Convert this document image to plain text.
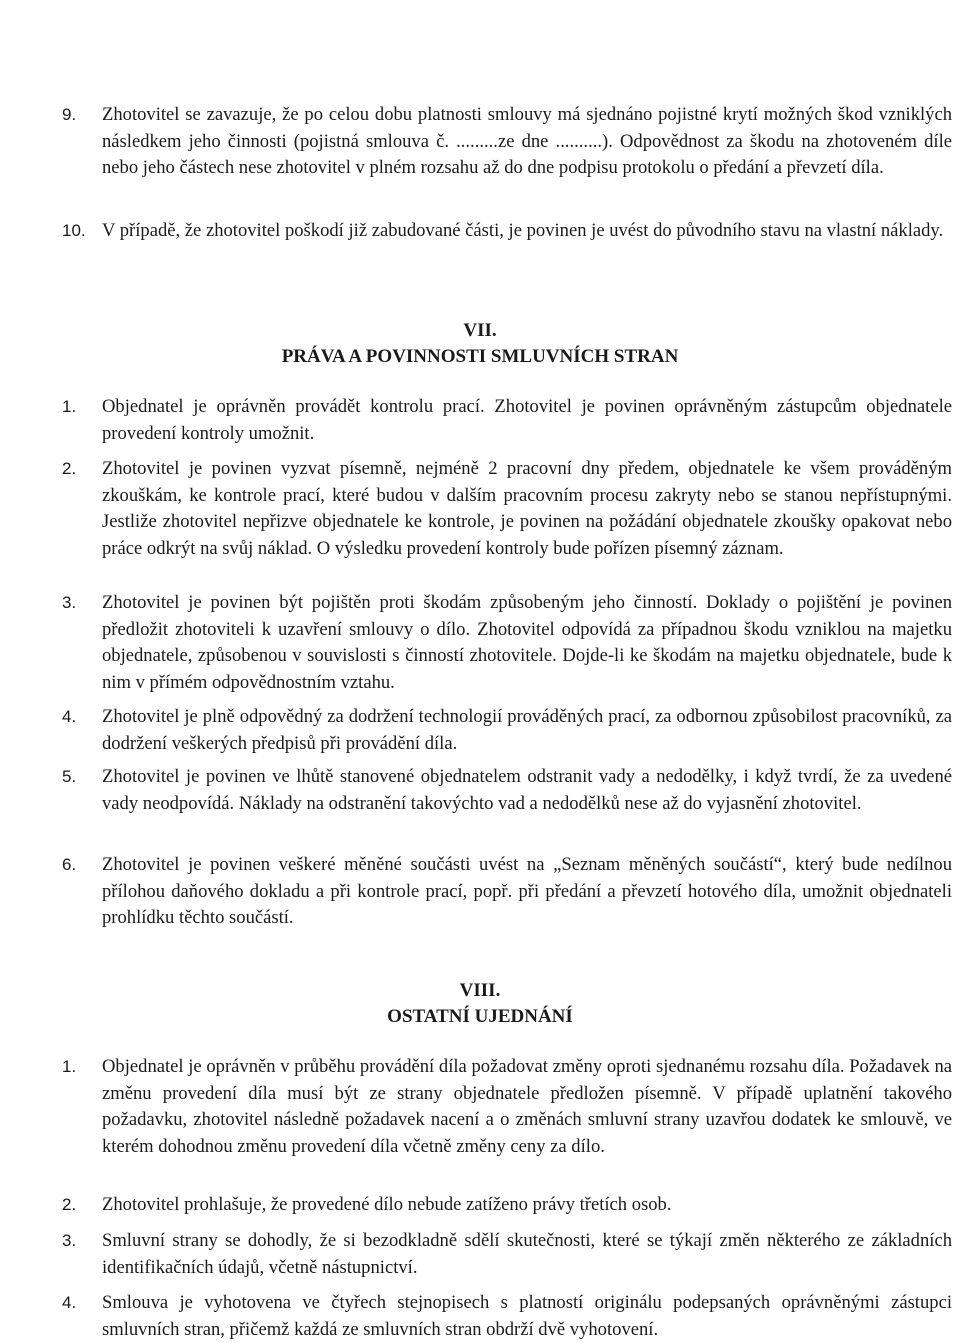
9.	Zhotovitel se zavazuje, že po celou dobu platnosti smlouvy má sjednáno pojistné krytí možných škod vzniklých následkem jeho činnosti (pojistná smlouva č. .........ze dne ..........). Odpovědnost za škodu na zhotoveném díle nebo jeho částech nese zhotovitel v plném rozsahu až do dne podpisu protokolu o předání a převzetí díla.
10. V případě, že zhotovitel poškodí již zabudované části, je povinen je uvést do původního stavu na vlastní náklady.
VII.
PRÁVA A POVINNOSTI SMLUVNÍCH STRAN
1.	Objednatel je oprávněn provádět kontrolu prací. Zhotovitel je povinen oprávněným zástupcům objednatele provedení kontroly umožnit.
2.	Zhotovitel je povinen vyzvat písemně, nejméně 2 pracovní dny předem, objednatele ke všem prováděným zkouškám, ke kontrole prací, které budou v dalším pracovním procesu zakryty nebo se stanou nepřístupnými. Jestliže zhotovitel nepřizve objednatele ke kontrole, je povinen na požádání objednatele zkoušky opakovat nebo práce odkrýt na svůj náklad. O výsledku provedení kontroly bude pořízen písemný záznam.
3.	Zhotovitel je povinen být pojištěn proti škodám způsobeným jeho činností. Doklady o pojištění je povinen předložit zhotoviteli k uzavření smlouvy o dílo. Zhotovitel odpovídá za případnou škodu vzniklou na majetku objednatele, způsobenou v souvislosti s činností zhotovitele. Dojde-li ke škodám na majetku objednatele, bude k nim v přímém odpovědnostním vztahu.
4.	Zhotovitel je plně odpovědný za dodržení technologií prováděných prací, za odbornou způsobilost pracovníků, za dodržení veškerých předpisů při provádění díla.
5.	Zhotovitel je povinen ve lhůtě stanovené objednatelem odstranit vady a nedodělky, i když tvrdí, že za uvedené vady neodpovídá. Náklady na odstranění takovýchto vad a nedodělků nese až do vyjasnění zhotovitel.
6.	Zhotovitel je povinen veškeré měněné součásti uvést na „Seznam měněných součástí“, který bude nedílnou přílohou daňového dokladu a při kontrole prací, popř. při předání a převzetí hotového díla, umožnit objednateli prohlídku těchto součástí.
VIII.
OSTATNÍ UJEDNÁNÍ
1.	Objednatel je oprávněn v průběhu provádění díla požadovat změny oproti sjednanému rozsahu díla. Požadavek na změnu provedení díla musí být ze strany objednatele předložen písemně. V případě uplatnění takového požadavku, zhotovitel následně požadavek nacení a o změnách smluvní strany uzavřou dodatek ke smlouvě, ve kterém dohodnou změnu provedení díla včetně změny ceny za dílo.
2.	Zhotovitel prohlašuje, že provedené dílo nebude zatíženo právy třetích osob.
3.	Smluvní strany se dohodly, že si bezodkladně sdělí skutečnosti, které se týkají změn některého ze základních identifikačních údajů, včetně nástupnictví.
4.	Smlouva je vyhotovena ve čtyřech stejnopisech s platností originálu podepsaných oprávněnými zástupci smluvních stran, přičemž každá ze smluvních stran obdrží dvě vyhotovení.
